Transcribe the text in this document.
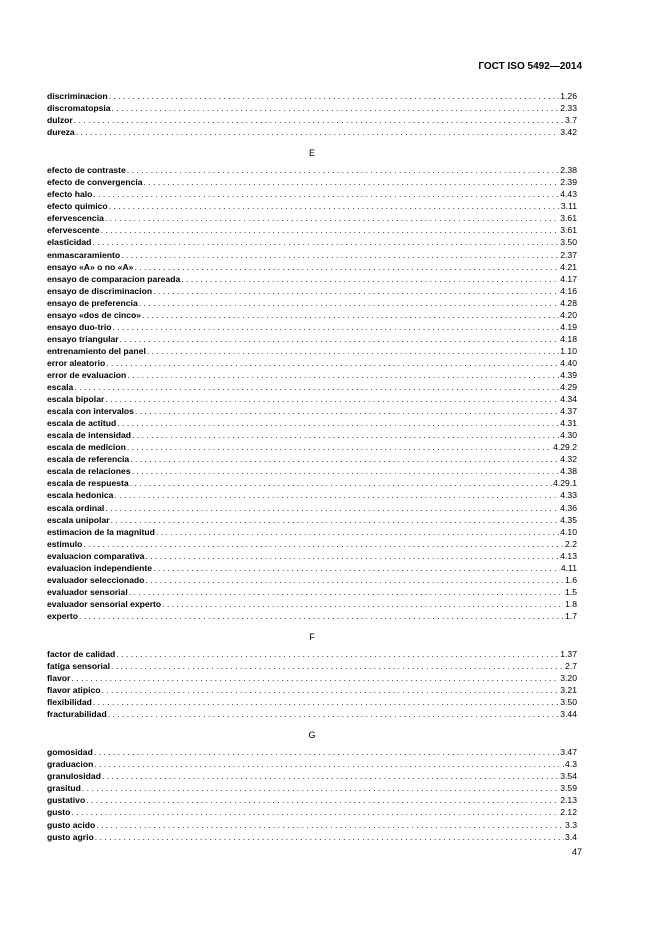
ГОСТ ISO 5492—2014
discriminacion . . .	1.26
discromatopsia . . .	2.33
dulzor . . .	3.7
dureza . . .	3.42
E
efecto de contraste . . .	2.38
efecto de convergencia . . .	2.39
efecto halo . . .	4.43
efecto quimico . . .	3.11
efervescencia . . .	3.61
efervescente . . .	3.61
elasticidad . . .	3.50
enmascaramiento . . .	2.37
ensayo «A» o no «A» . . .	4.21
ensayo de comparacion pareada . . .	4.17
ensayo de discriminacion . . .	4.16
ensayo de preferencia . . .	4.28
ensayo «dos de cinco» . . .	4.20
ensayo duo-trio . . .	4.19
ensayo triangular . . .	4.18
entrenamiento del panel . . .	1.10
error aleatorio . . .	4.40
error de evaluacion . . .	4.39
escala . . .	4.29
escala bipolar . . .	4.34
escala con intervalos . . .	4.37
escala de actitud . . .	4.31
escala de intensidad . . .	4.30
escala de medicion . . .	4.29.2
escala de referencia . . .	4.32
escala de relaciones . . .	4.38
escala de respuesta . . .	4.29.1
escala hedonica . . .	4.33
escala ordinal . . .	4.36
escala unipolar . . .	4.35
estimacion de la magnitud . . .	4.10
estimulo . . .	2.2
evaluacion comparativa . . .	4.13
evaluacion independiente . . .	4.11
evaluador seleccionado . . .	1.6
evaluador sensorial . . .	1.5
evaluador sensorial experto . . .	1.8
experto . . .	1.7
F
factor de calidad . . .	1.37
fatiga sensorial . . .	2.7
flavor . . .	3.20
flavor atipico . . .	3.21
flexibilidad . . .	3.50
fracturabilidad . . .	3.44
G
gomosidad . . .	3.47
graduacion . . .	4.3
granulosidad . . .	3.54
grasitud . . .	3.59
gustativo . . .	2.13
gusto . . .	2.12
gusto acido . . .	3.3
gusto agrio . . .	3.4
47
